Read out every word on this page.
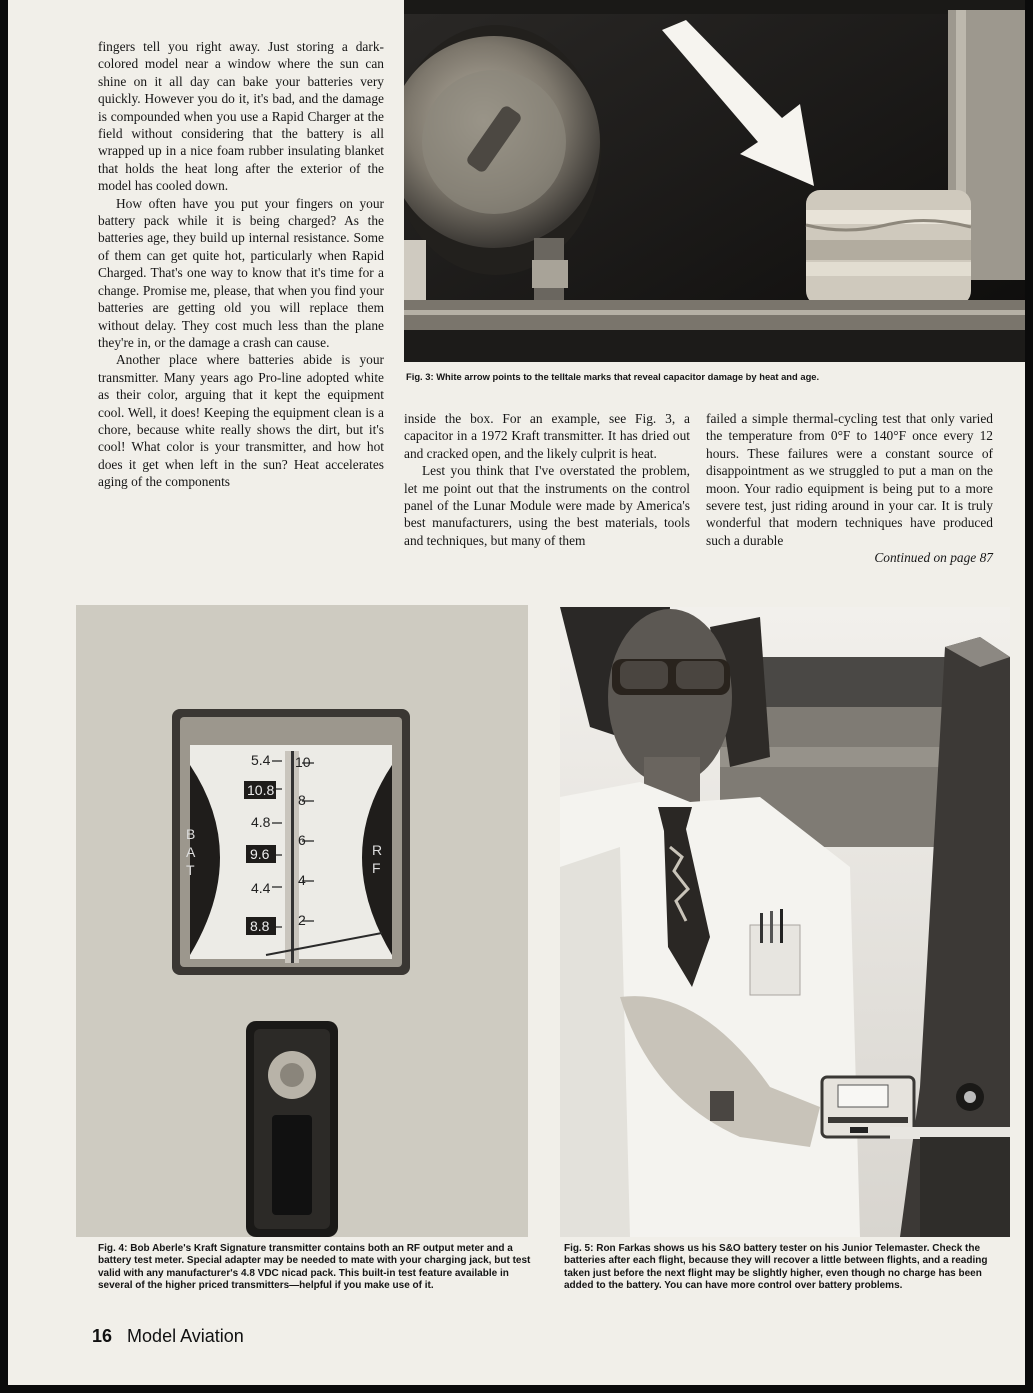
Fig. 3: White arrow points to the telltale marks that reveal capacitor damage by heat and age.

fingers tell you right away. Just storing a dark-colored model near a window where the sun can shine on it all day can bake your batteries very quickly. However you do it, it's bad, and the damage is compounded when you use a Rapid Charger at the field without considering that the battery is all wrapped up in a nice foam rubber insulating blanket that holds the heat long after the exterior of the model has cooled down.

How often have you put your fingers on your battery pack while it is being charged? As the batteries age, they build up internal resistance. Some of them can get quite hot, particularly when Rapid Charged. That's one way to know that it's time for a change. Promise me, please, that when you find your batteries are getting old you will replace them without delay. They cost much less than the plane they're in, or the damage a crash can cause.

Another place where batteries abide is your transmitter. Many years ago Pro-line adopted white as their color, arguing that it kept the equipment cool. Well, it does! Keeping the equipment clean is a chore, because white really shows the dirt, but it's cool! What color is your transmitter, and how hot does it get when left in the sun? Heat accelerates aging of the components

inside the box. For an example, see Fig. 3, a capacitor in a 1972 Kraft transmitter. It has dried out and cracked open, and the likely culprit is heat.

Lest you think that I've overstated the problem, let me point out that the instruments on the control panel of the Lunar Module were made by America's best manufacturers, using the best materials, tools and techniques, but many of them

failed a simple thermal-cycling test that only varied the temperature from 0°F to 140°F once every 12 hours. These failures were a constant source of disappointment as we struggled to put a man on the moon. Your radio equipment is being put to a more severe test, just riding around in your car. It is truly wonderful that modern techniques have produced such a durable

Continued on page 87

5.4
10.8
4.8
9.6
4.4
8.8
10
8
6
4
2
B
A
T
R
F
Fig. 4: Bob Aberle's Kraft Signature transmitter contains both an RF output meter and a battery test meter. Special adapter may be needed to mate with your charging jack, but test valid with any manufacturer's 4.8 VDC nicad pack. This built-in test feature available in several of the higher priced transmitters—helpful if you make use of it.
Fig. 5: Ron Farkas shows us his S&O battery tester on his Junior Telemaster. Check the batteries after each flight, because they will recover a little between flights, and a reading taken just before the next flight may be slightly higher, even though no charge has been added to the battery. You can have more control over battery problems.
16 Model Aviation
